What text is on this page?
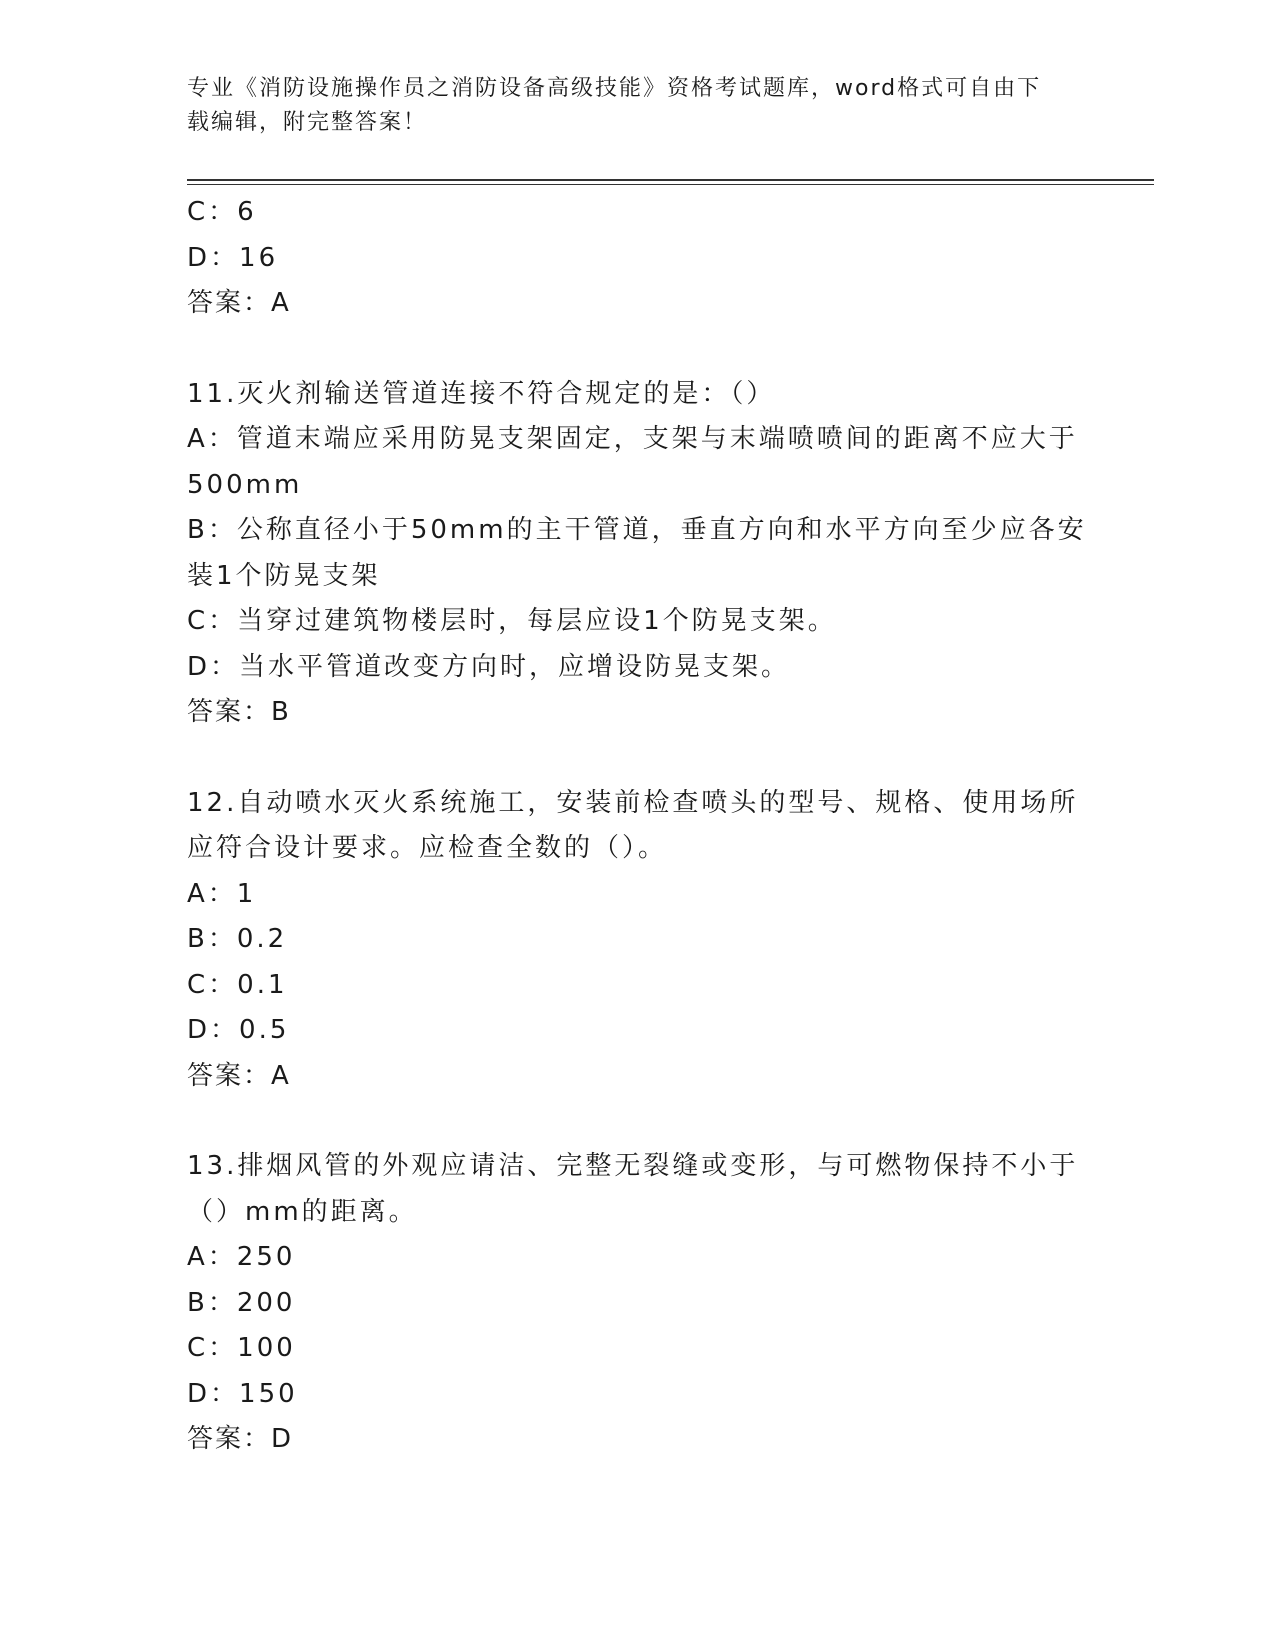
专业《消防设施操作员之消防设备高级技能》资格考试题库，word格式可自由下
载编辑，附完整答案！
C：6
D：16
答案：A
11.灭火剂输送管道连接不符合规定的是：（）
A：管道末端应采用防晃支架固定，支架与末端喷喷间的距离不应大于
500mm
B：公称直径小于50mm的主干管道，垂直方向和水平方向至少应各安
装1个防晃支架
C：当穿过建筑物楼层时，每层应设1个防晃支架。
D：当水平管道改变方向时，应增设防晃支架。
答案：B
12.自动喷水灭火系统施工，安装前检查喷头的型号、规格、使用场所
应符合设计要求。应检查全数的（）。
A：1
B：0.2
C：0.1
D：0.5
答案：A
13.排烟风管的外观应请洁、完整无裂缝或变形，与可燃物保持不小于
（）mm的距离。
A：250
B：200
C：100
D：150
答案：D
